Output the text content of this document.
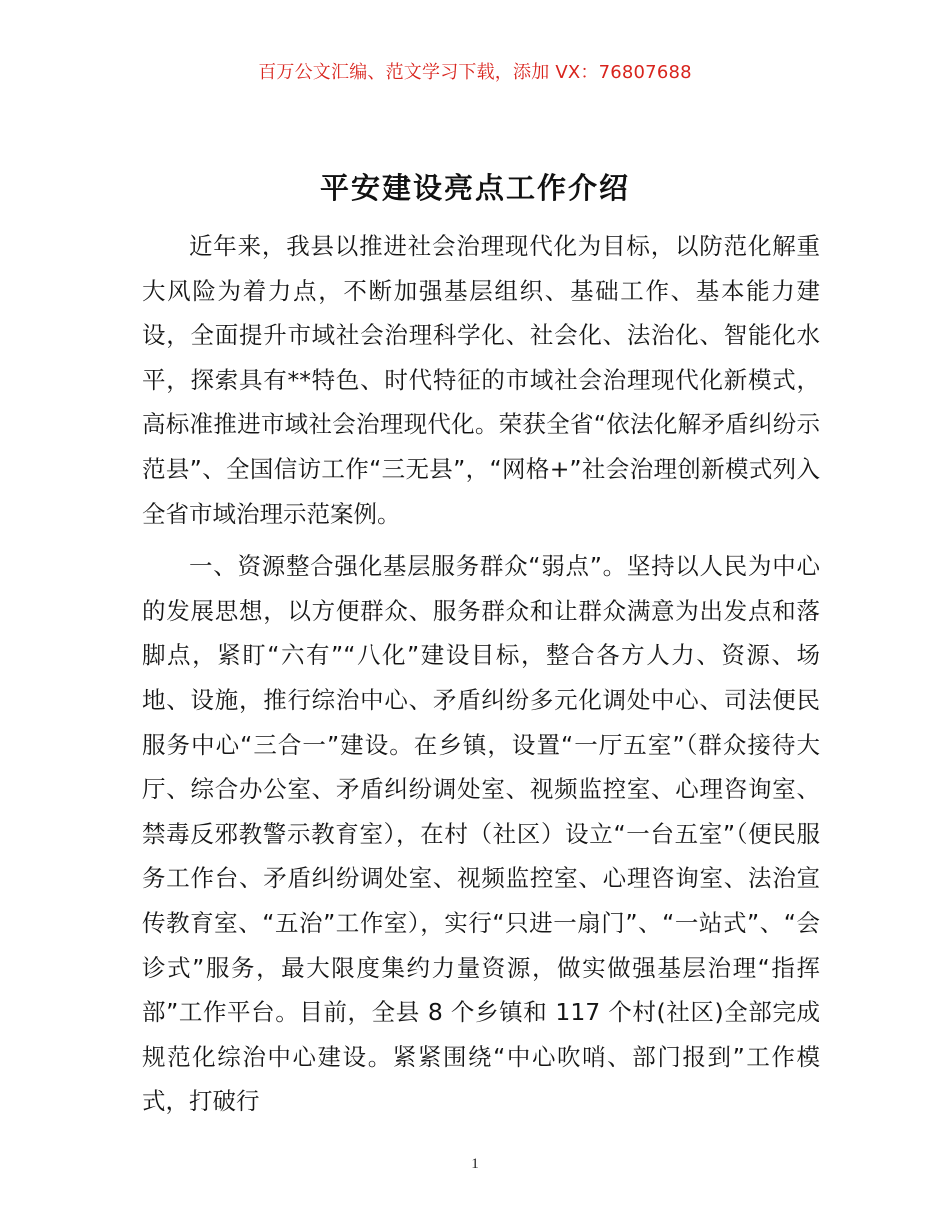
百万公文汇编、范文学习下载，添加 VX：76807688
平安建设亮点工作介绍

近年来，我县以推进社会治理现代化为目标，以防范化解重大风险为着力点，不断加强基层组织、基础工作、基本能力建设，全面提升市域社会治理科学化、社会化、法治化、智能化水平，探索具有**特色、时代特征的市域社会治理现代化新模式，高标准推进市域社会治理现代化。荣获全省“依法化解矛盾纠纷示范县”、全国信访工作“三无县”，“网格+”社会治理创新模式列入全省市域治理示范案例。

一、资源整合强化基层服务群众“弱点”。坚持以人民为中心的发展思想，以方便群众、服务群众和让群众满意为出发点和落脚点，紧盯“六有”“八化”建设目标，整合各方人力、资源、场地、设施，推行综治中心、矛盾纠纷多元化调处中心、司法便民服务中心“三合一”建设。在乡镇，设置“一厅五室”（群众接待大厅、综合办公室、矛盾纠纷调处室、视频监控室、心理咨询室、禁毒反邪教警示教育室），在村（社区）设立“一台五室”（便民服务工作台、矛盾纠纷调处室、视频监控室、心理咨询室、法治宣传教育室、“五治”工作室），实行“只进一扇门”、“一站式”、“会诊式”服务，最大限度集约力量资源，做实做强基层治理“指挥部”工作平台。目前，全县 8 个乡镇和 117 个村(社区)全部完成规范化综治中心建设。紧紧围绕“中心吹哨、部门报到”工作模式，打破行

1
